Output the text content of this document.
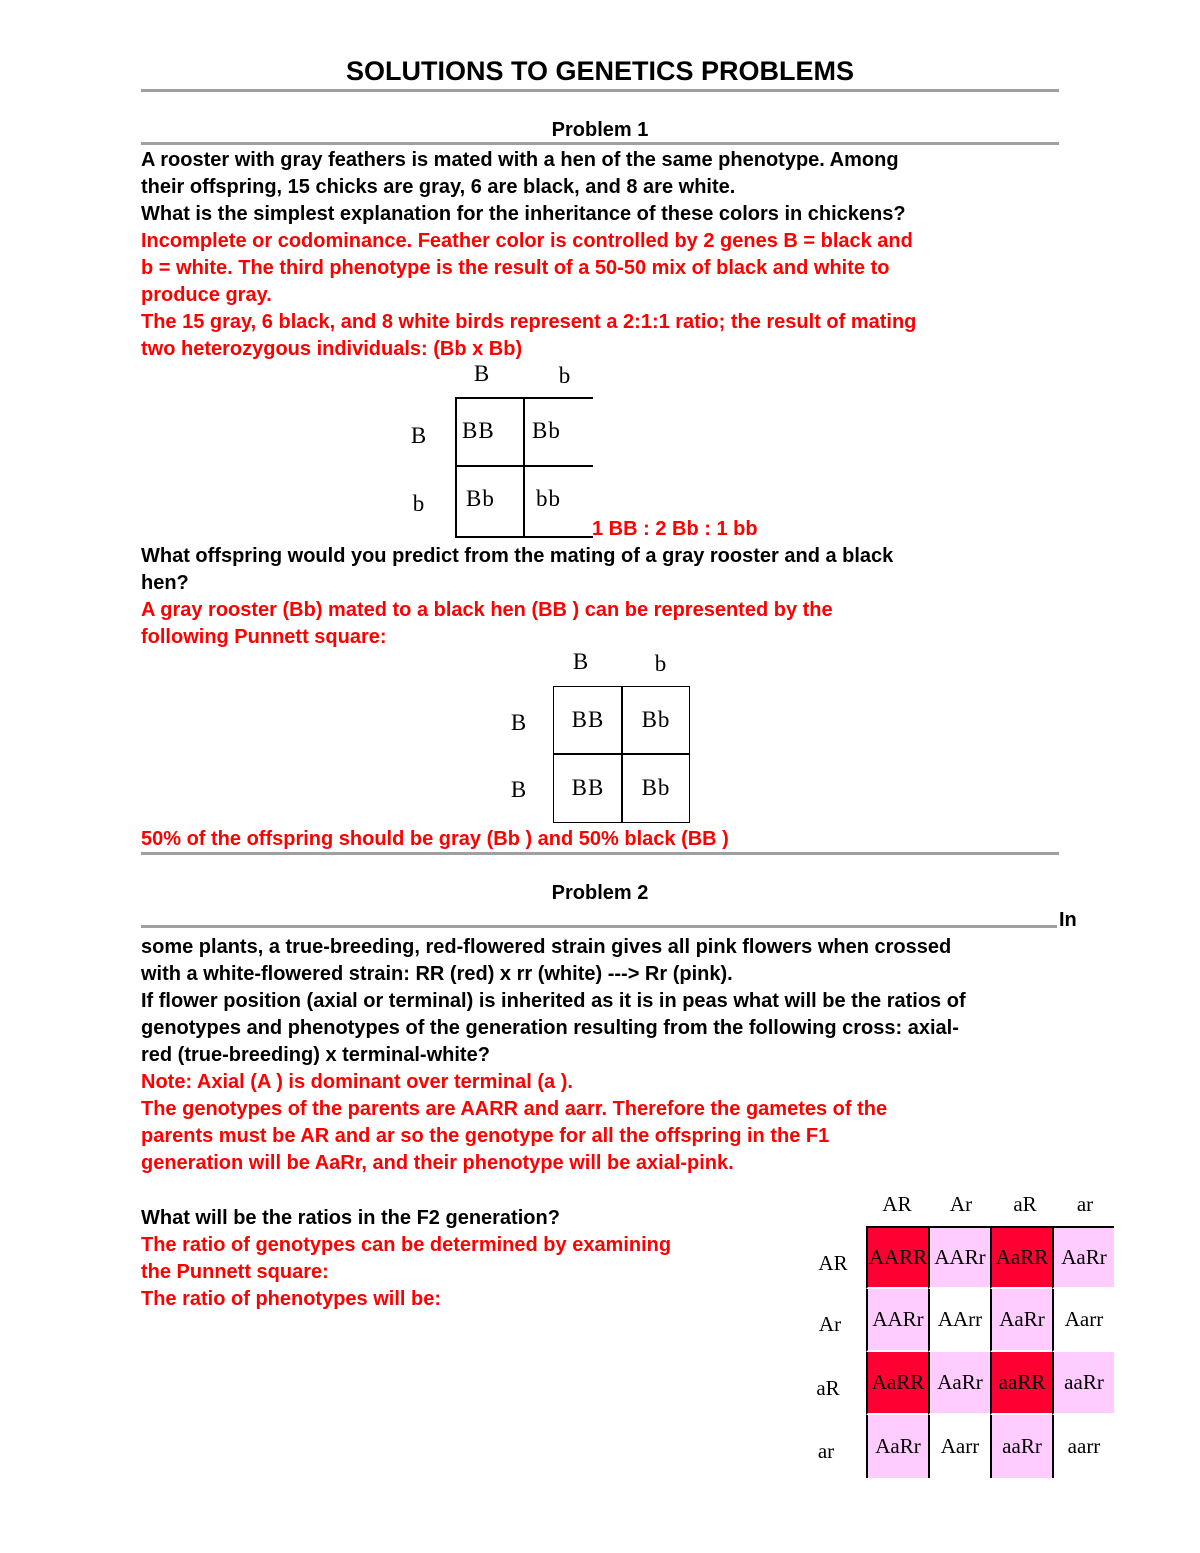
SOLUTIONS TO GENETICS PROBLEMS
Problem 1
A rooster with gray feathers is mated with a hen of the same phenotype. Among
their offspring, 15 chicks are gray, 6 are black, and 8 are white.
What is the simplest explanation for the inheritance of these colors in chickens?
Incomplete or codominance. Feather color is controlled by 2 genes B = black and
b = white. The third phenotype is the result of a 50-50 mix of black and white to
produce gray.
The 15 gray, 6 black, and 8 white birds represent a 2:1:1 ratio; the result of mating
two heterozygous individuals: (Bb x Bb)
B	b
B
b
BB	Bb
Bb	bb
1 BB : 2 Bb : 1 bb
What offspring would you predict from the mating of a gray rooster and a black
hen?
A gray rooster (Bb) mated to a black hen (BB ) can be represented by the
following Punnett square:
B	b
B
B
BB	Bb
BB	Bb
50% of the offspring should be gray (Bb ) and 50% black (BB )
Problem 2
In
some plants, a true-breeding, red-flowered strain gives all pink flowers when crossed
with a white-flowered strain: RR (red) x rr (white) ---> Rr (pink).
If flower position (axial or terminal) is inherited as it is in peas what will be the ratios of
genotypes and phenotypes of the generation resulting from the following cross: axial-
red (true-breeding) x terminal-white?
Note: Axial (A ) is dominant over terminal (a ).
The genotypes of the parents are AARR and aarr. Therefore the gametes of the
parents must be AR and ar so the genotype for all the offspring in the F1
generation will be AaRr, and their phenotype will be axial-pink.
What will be the ratios in the F2 generation?
The ratio of genotypes can be determined by examining
the Punnett square:
The ratio of phenotypes will be:
AR	Ar	aR	ar
AR
Ar
aR
ar
AARR AARr AaRR AaRr
AARr AArr AaRr Aarr
AaRR AaRr aaRR aaRr
AaRr Aarr	aaRr	aarr
